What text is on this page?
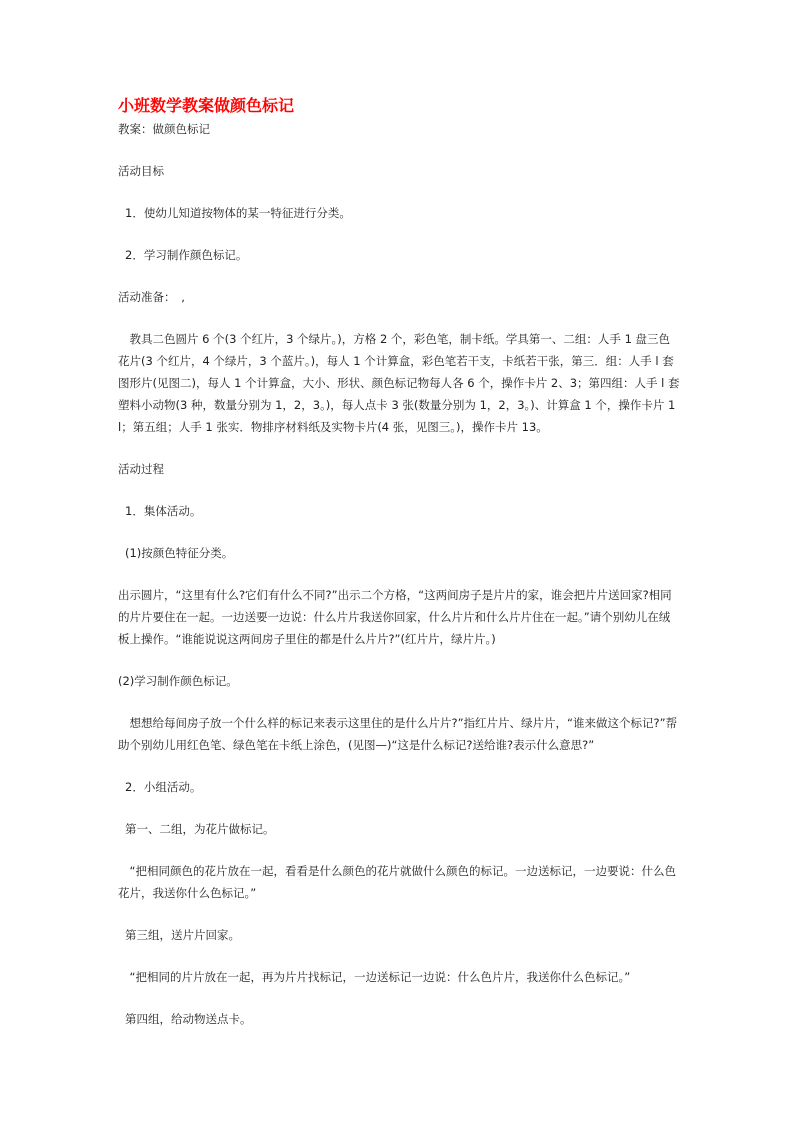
小班数学教案做颜色标记
教案：做颜色标记

活动目标

1．使幼儿知道按物体的某一特征进行分类。

2．学习制作颜色标记。

活动准备：　,

　教具二色圆片 6 个(3 个红片，3 个绿片。)，方格 2 个，彩色笔，制卡纸。学具第一、二组：人手 1 盘三色花片(3 个红片，4 个绿片，3 个蓝片。)，每人 1 个计算盒，彩色笔若干支，卡纸若干张，第三．组：人手 l 套图形片(见图二)，每人 1 个计算盒，大小、形状、颜色标记物每人各 6 个，操作卡片 2、3；第四组：人手 l 套塑料小动物(3 种，数量分别为 1，2，3。)，每人点卡 3 张(数量分别为 1，2，3。)、计算盒 1 个，操作卡片 1l；第五组；人手 1 张实．物排序材料纸及实物卡片(4 张，见图三。)，操作卡片 13。

活动过程

1．集体活动。

(1)按颜色特征分类。

出示圆片，“这里有什么?它们有什么不同?”出示二个方格，“这两间房子是片片的家，谁会把片片送回家?相同的片片要住在一起。一边送要一边说：什么片片我送你回家，什么片片和什么片片住在一起。”请个别幼儿在绒板上操作。“谁能说说这两间房子里住的都是什么片片?”(红片片，绿片片。)

(2)学习制作颜色标记。

　想想给每间房子放一个什么样的标记来表示这里住的是什么片片?”指红片片、绿片片，“谁来做这个标记?”帮助个别幼儿用红色笔、绿色笔在卡纸上涂色，(见图—)“这是什么标记?送给谁?表示什么意思?”

2．小组活动。

第一、二组，为花片做标记。

　“把相同颜色的花片放在一起，看看是什么颜色的花片就做什么颜色的标记。一边送标记，一边要说：什么色花片，我送你什么色标记。”

第三组，送片片回家。

　“把相同的片片放在一起，再为片片找标记，一边送标记一边说：什么色片片，我送你什么色标记。”

第四组，给动物送点卡。
